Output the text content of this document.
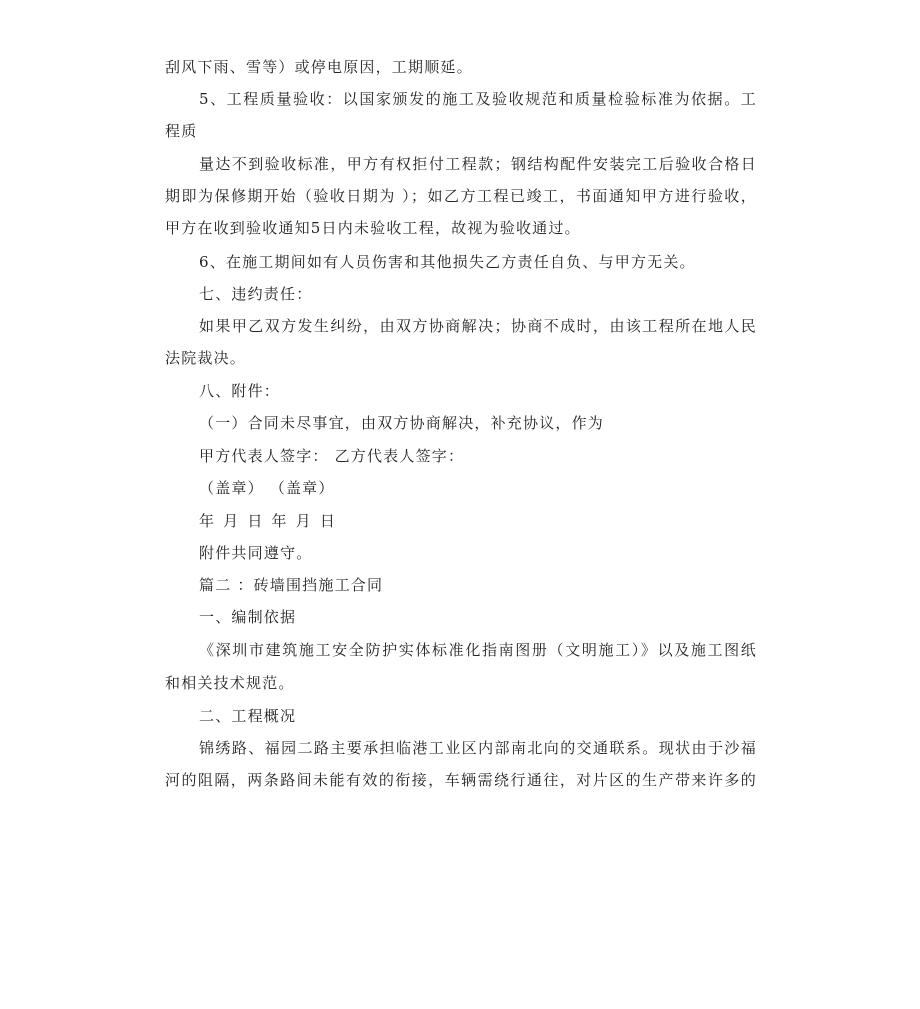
刮风下雨、雪等）或停电原因，工期顺延。

5、工程质量验收：以国家颁发的施工及验收规范和质量检验标准为依据。工

程质

量达不到验收标准，甲方有权拒付工程款；钢结构配件安装完工后验收合格日

期即为保修期开始（验收日期为 ）；如乙方工程已竣工，书面通知甲方进行验收，

甲方在收到验收通知5日内未验收工程，故视为验收通过。

6、在施工期间如有人员伤害和其他损失乙方责任自负、与甲方无关。

七、违约责任：

如果甲乙双方发生纠纷，由双方协商解决；协商不成时，由该工程所在地人民

法院裁决。

八、附件：

（一）合同未尽事宜，由双方协商解决，补充协议，作为

甲方代表人签字： 乙方代表人签字：

（盖章） （盖章）

年 月 日 年 月 日

附件共同遵守。

篇二 ：砖墙围挡施工合同

一、编制依据

《深圳市建筑施工安全防护实体标准化指南图册（文明施工）》以及施工图纸

和相关技术规范。

二、工程概况

锦绣路、福园二路主要承担临港工业区内部南北向的交通联系。现状由于沙福

河的阻隔，两条路间未能有效的衔接，车辆需绕行通往，对片区的生产带来许多的
